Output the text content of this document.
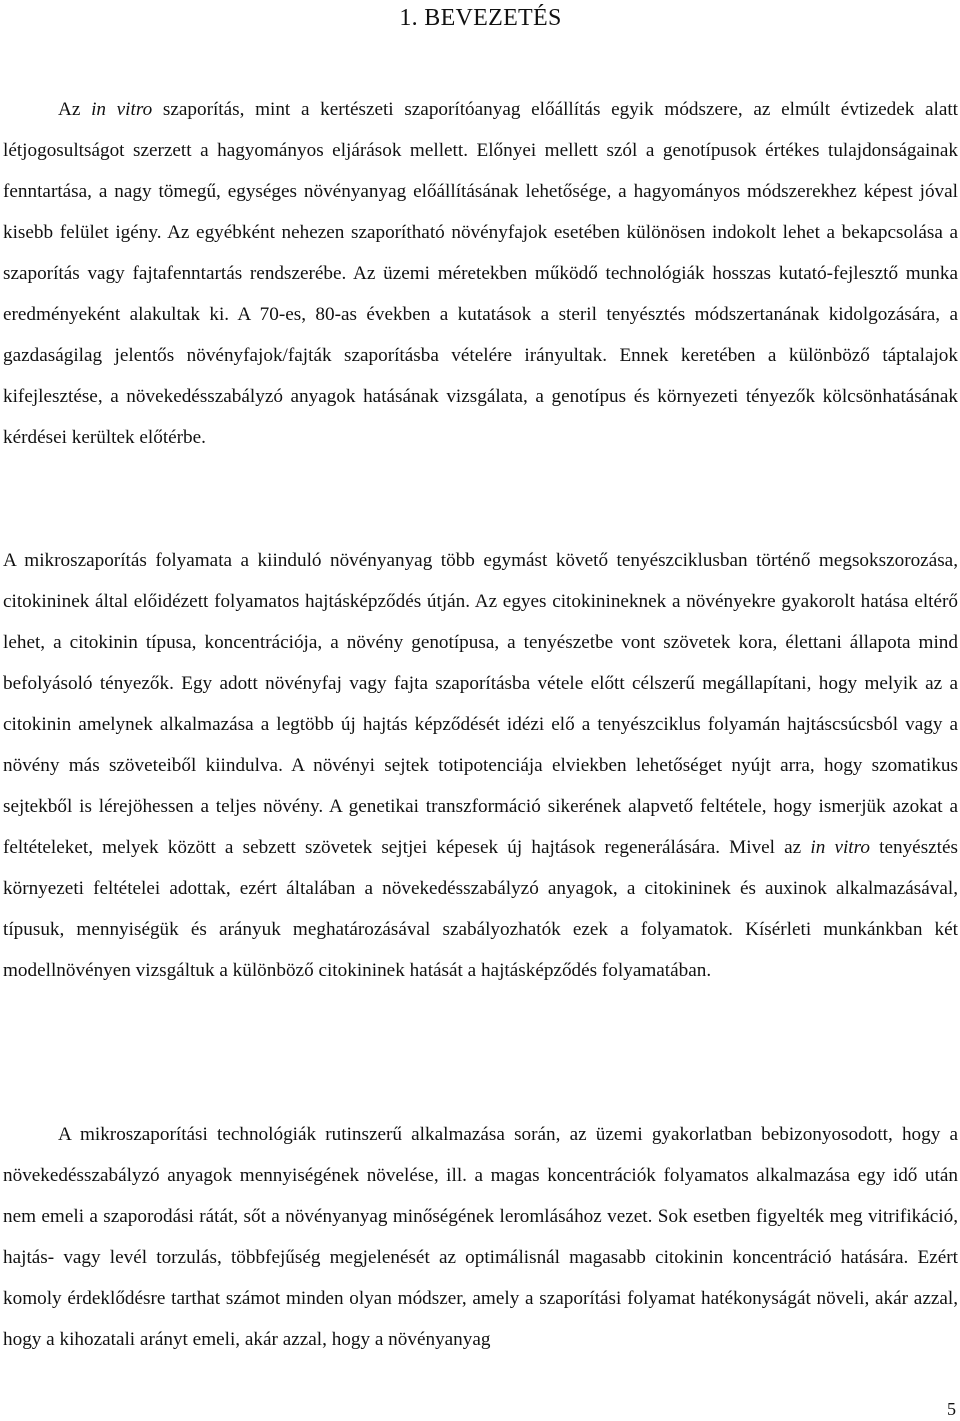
1. BEVEZETÉS

Az in vitro szaporítás, mint a kertészeti szaporítóanyag előállítás egyik módszere, az elmúlt évtizedek alatt létjogosultságot szerzett a hagyományos eljárások mellett. Előnyei mellett szól a genotípusok értékes tulajdonságainak fenntartása, a nagy tömegű, egységes növényanyag előállításának lehetősége, a hagyományos módszerekhez képest jóval kisebb felület igény. Az egyébként nehezen szaporítható növényfajok esetében különösen indokolt lehet a bekapcsolása a szaporítás vagy fajtafenntartás rendszerébe. Az üzemi méretekben működő technológiák hosszas kutató-fejlesztő munka eredményeként alakultak ki. A 70-es, 80-as években a kutatások a steril tenyésztés módszertanának kidolgozására, a gazdaságilag jelentős növényfajok/fajták szaporításba vételére irányultak. Ennek keretében a különböző táptalajok kifejlesztése, a növekedésszabályzó anyagok hatásának vizsgálata, a genotípus és környezeti tényezők kölcsönhatásának kérdései kerültek előtérbe.

A mikroszaporítás folyamata a kiinduló növényanyag több egymást követő tenyészciklusban történő megsokszorozása, citokininek által előidézett folyamatos hajtásképződés útján. Az egyes citokinineknek a növényekre gyakorolt hatása eltérő lehet, a citokinin típusa, koncentrációja, a növény genotípusa, a tenyészetbe vont szövetek kora, élettani állapota mind befolyásoló tényezők. Egy adott növényfaj vagy fajta szaporításba vétele előtt célszerű megállapítani, hogy melyik az a citokinin amelynek alkalmazása a legtöbb új hajtás képződését idézi elő a tenyészciklus folyamán hajtáscsúcsból vagy a növény más szöveteiből kiindulva. A növényi sejtek totipotenciája elviekben lehetőséget nyújt arra, hogy szomatikus sejtekből is lérejöhessen a teljes növény. A genetikai transzformáció sikerének alapvető feltétele, hogy ismerjük azokat a feltételeket, melyek között a sebzett szövetek sejtjei képesek új hajtások regenerálására. Mivel az in vitro tenyésztés környezeti feltételei adottak, ezért általában a növekedésszabályzó anyagok, a citokininek és auxinok alkalmazásával, típusuk, mennyiségük és arányuk meghatározásával szabályozhatók ezek a folyamatok. Kísérleti munkánkban két modellnövényen vizsgáltuk a különböző citokininek hatását a hajtásképződés folyamatában.

A mikroszaporítási technológiák rutinszerű alkalmazása során, az üzemi gyakorlatban bebizonyosodott, hogy a növekedésszabályzó anyagok mennyiségének növelése, ill. a magas koncentrációk folyamatos alkalmazása egy idő után nem emeli a szaporodási rátát, sőt a növényanyag minőségének leromlásához vezet. Sok esetben figyelték meg vitrifikáció, hajtás- vagy levél torzulás, többfejűség megjelenését az optimálisnál magasabb citokinin koncentráció hatására. Ezért komoly érdeklődésre tarthat számot minden olyan módszer, amely a szaporítási folyamat hatékonyságát növeli, akár azzal, hogy a kihozatali arányt emeli, akár azzal, hogy a növényanyag

5
